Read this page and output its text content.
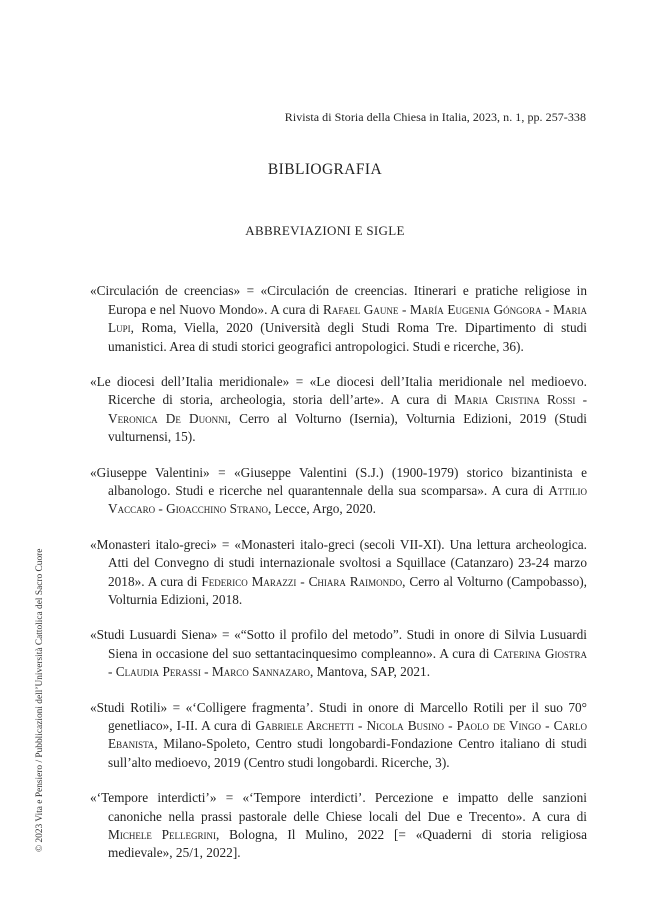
Rivista di Storia della Chiesa in Italia, 2023, n. 1, pp. 257-338
BIBLIOGRAFIA
ABBREVIAZIONI E SIGLE
© 2023 Vita e Pensiero / Pubblicazioni dell’Università Cattolica del Sacro Cuore

«Circulación de creencias» = «Circulación de creencias. Itinerari e pratiche religiose in Europa e nel Nuovo Mondo». A cura di Rafael Gaune - María Eugenia Góngora - Maria Lupi, Roma, Viella, 2020 (Università degli Studi Roma Tre. Dipartimento di studi umanistici. Area di studi storici geografici antropologici. Studi e ricerche, 36).

«Le diocesi dell’Italia meridionale» = «Le diocesi dell’Italia meridionale nel medioevo. Ricerche di storia, archeologia, storia dell’arte». A cura di Maria Cristina Rossi - Veronica De Duonni, Cerro al Volturno (Isernia), Volturnia Edizioni, 2019 (Studi vulturnensi, 15).

«Giuseppe Valentini» = «Giuseppe Valentini (S.J.) (1900-1979) storico bizantinista e albanologo. Studi e ricerche nel quarantennale della sua scomparsa». A cura di Attilio Vaccaro - Gioacchino Strano, Lecce, Argo, 2020.

«Monasteri italo-greci» = «Monasteri italo-greci (secoli VII-XI). Una lettura archeologica. Atti del Convegno di studi internazionale svoltosi a Squillace (Catanzaro) 23-24 marzo 2018». A cura di Federico Marazzi - Chiara Raimondo, Cerro al Volturno (Campobasso), Volturnia Edizioni, 2018.

«Studi Lusuardi Siena» = «“Sotto il profilo del metodo”. Studi in onore di Silvia Lusuardi Siena in occasione del suo settantacinquesimo compleanno». A cura di Caterina Giostra - Claudia Perassi - Marco Sannazaro, Mantova, SAP, 2021.

«Studi Rotili» = «‘Colligere fragmenta’. Studi in onore di Marcello Rotili per il suo 70° genetliaco», I-II. A cura di Gabriele Archetti - Nicola Busino - Paolo de Vingo - Carlo Ebanista, Milano-Spoleto, Centro studi longobardi-Fondazione Centro italiano di studi sull’alto medioevo, 2019 (Centro studi longobardi. Ricerche, 3).

«‘Tempore interdicti’» = «‘Tempore interdicti’. Percezione e impatto delle sanzioni canoniche nella prassi pastorale delle Chiese locali del Due e Trecento». A cura di Michele Pellegrini, Bologna, Il Mulino, 2022 [= «Quaderni di storia religiosa medievale», 25/1, 2022].
